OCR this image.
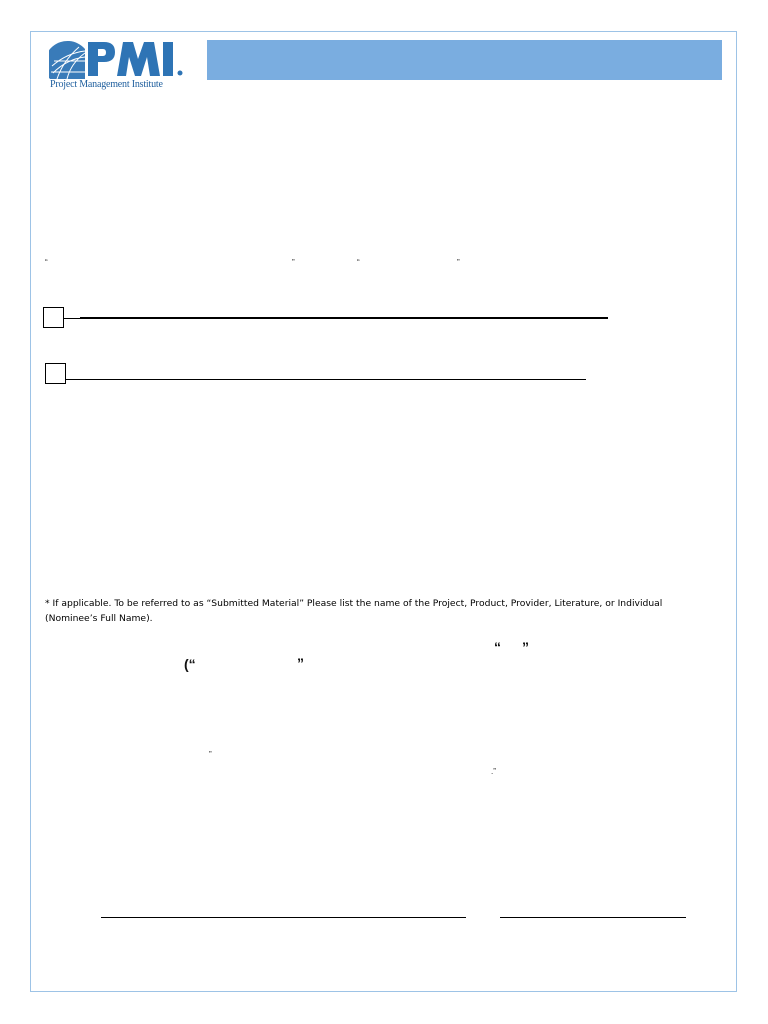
Project Management Institute
“	”	“	”
* If applicable. To be referred to as “Submitted Material” Please list the name of the Project, Product, Provider, Literature, or Individual (Nominee’s Full Name).
“ ”
(“	”
”
.”
